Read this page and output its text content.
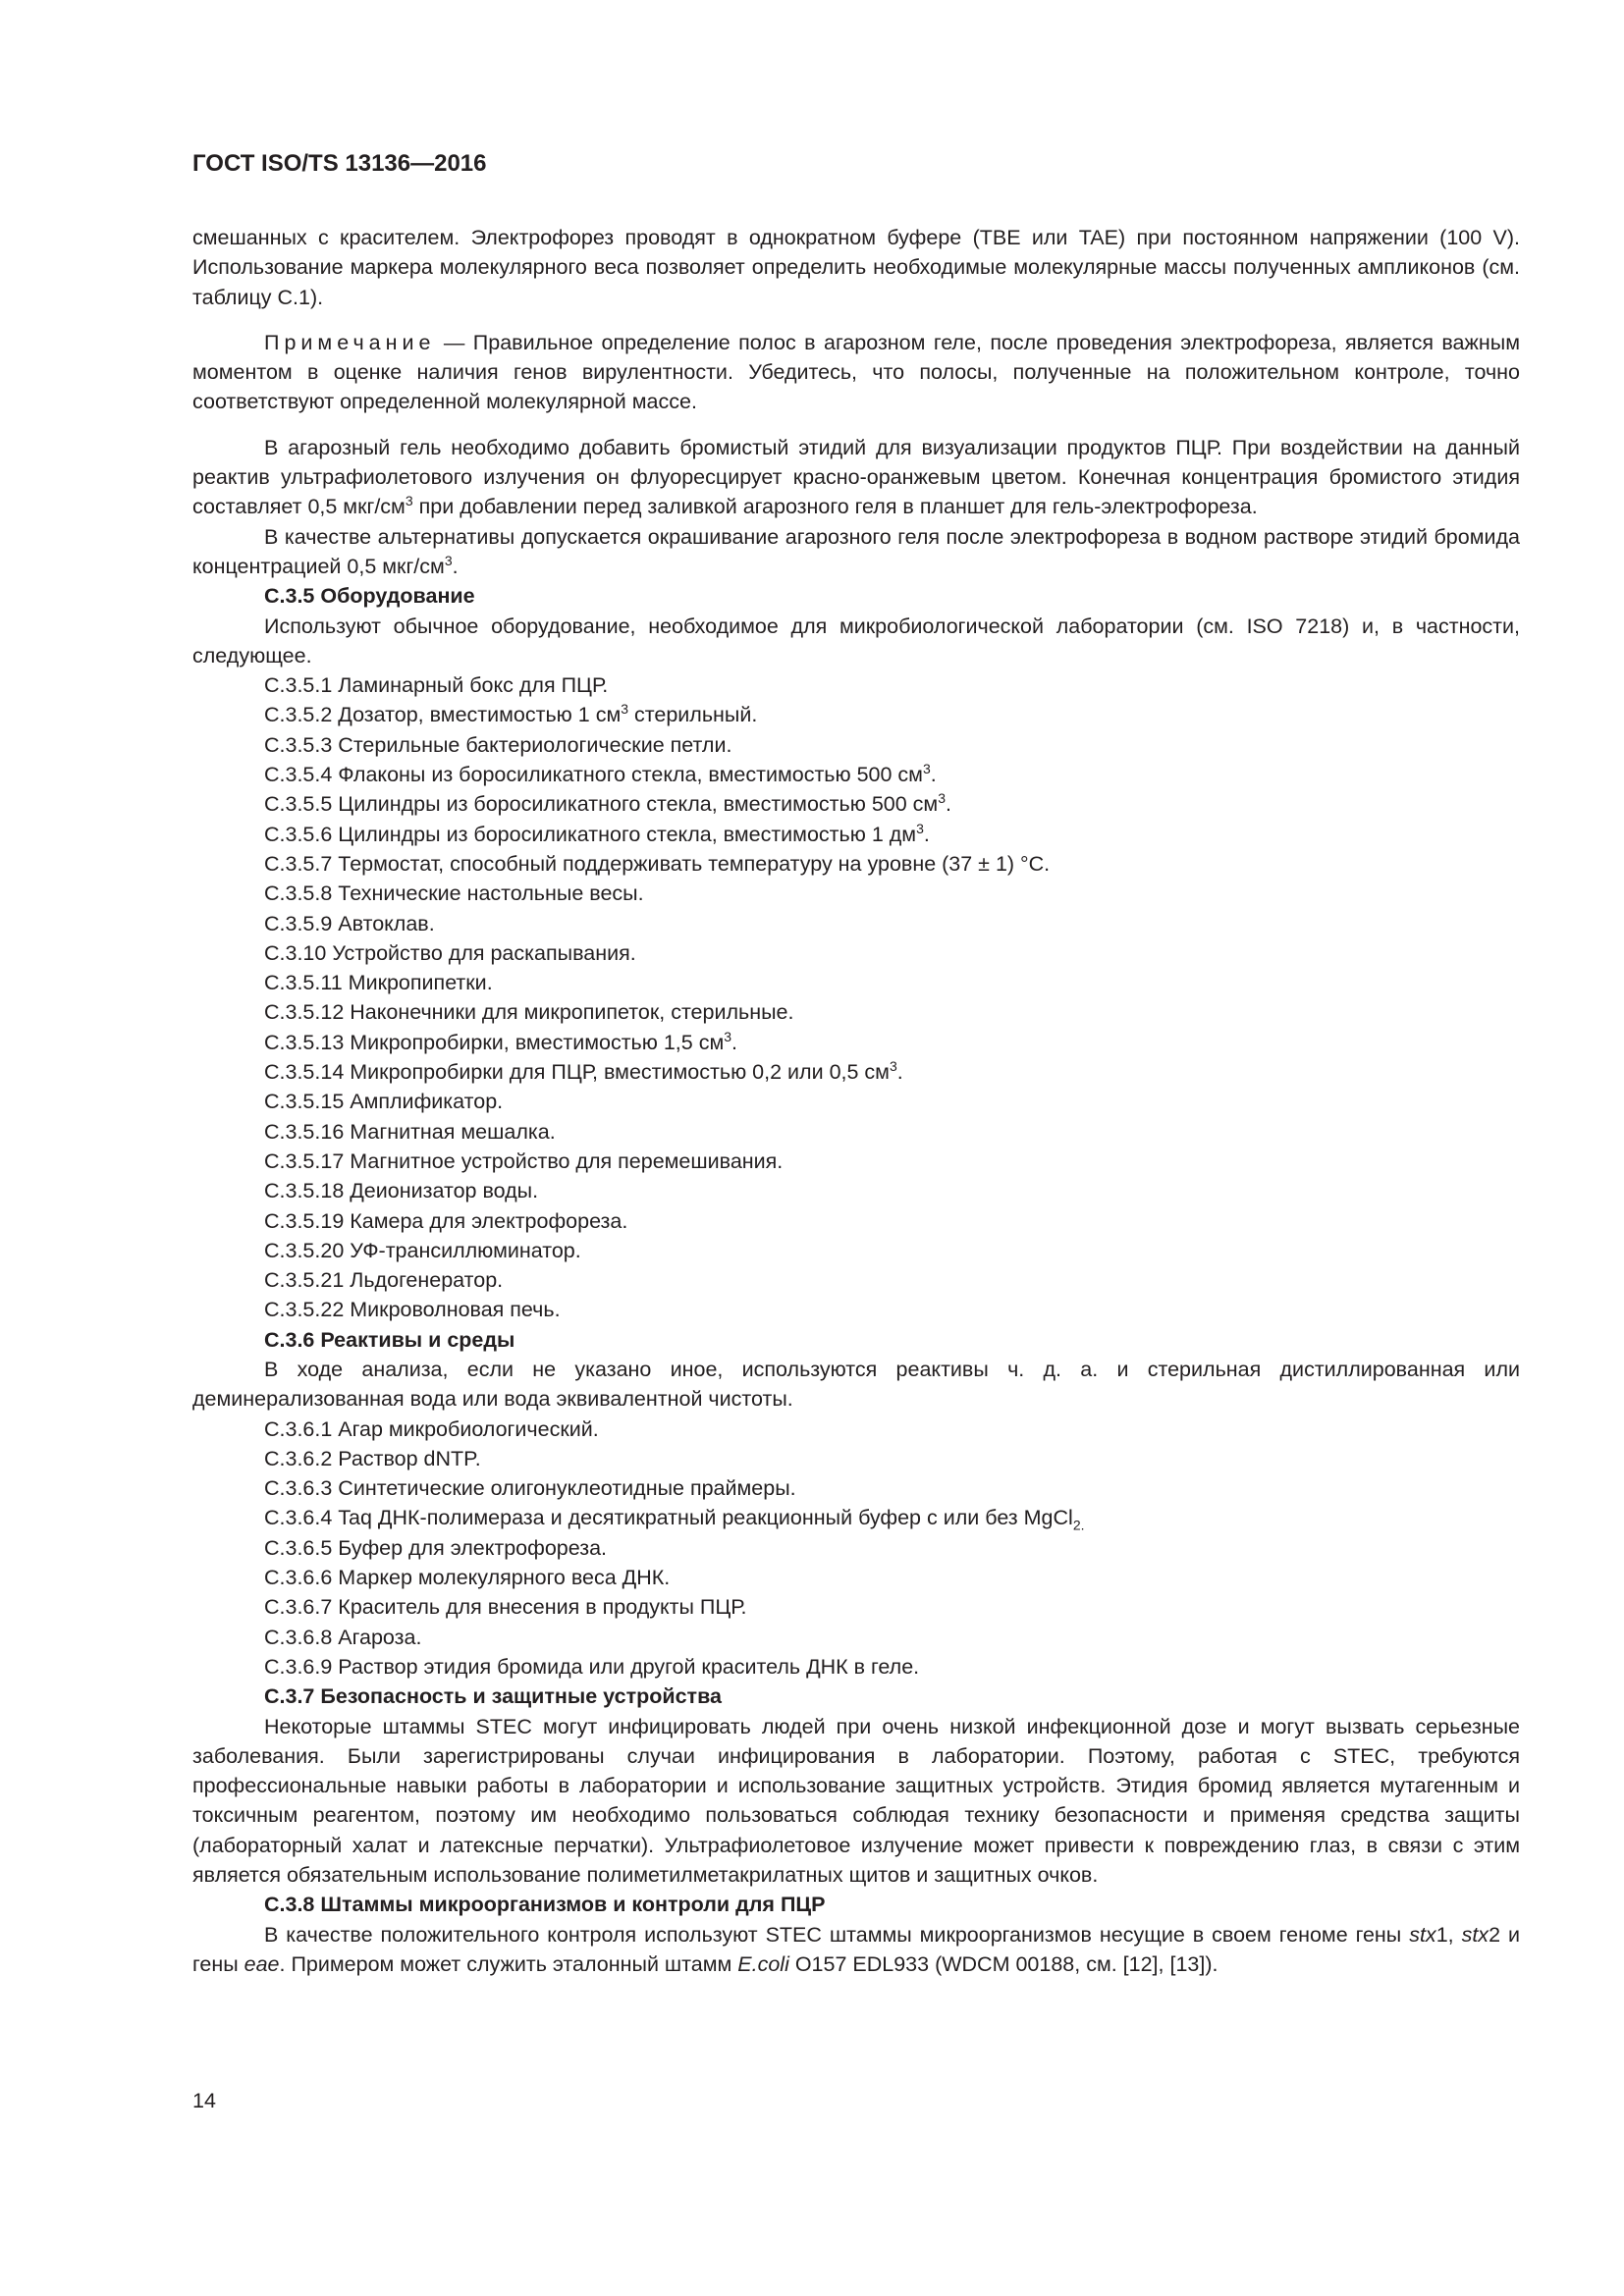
ГОСТ ISO/TS 13136—2016

смешанных с красителем. Электрофорез проводят в однократном буфере (TBE или TAE) при постоянном напряжении (100 V). Использование маркера молекулярного веса позволяет определить необходимые молекулярные массы полученных ампликонов (см. таблицу С.1).

Примечание — Правильное определение полос в агарозном геле, после проведения электрофореза, является важным моментом в оценке наличия генов вирулентности. Убедитесь, что полосы, полученные на положительном контроле, точно соответствуют определенной молекулярной массе.

В агарозный гель необходимо добавить бромистый этидий для визуализации продуктов ПЦР. При воздействии на данный реактив ультрафиолетового излучения он флуоресцирует красно-оранжевым цветом. Конечная концентрация бромистого этидия составляет 0,5 мкг/$см^3$ при добавлении перед заливкой агарозного геля в планшет для гель-электрофореза.

В качестве альтернативы допускается окрашивание агарозного геля после электрофореза в водном растворе этидий бромида концентрацией 0,5 мкг/$см^3$.

С.3.5 Оборудование

Используют обычное оборудование, необходимое для микробиологической лаборатории (см. ISO 7218) и, в частности, следующее.

С.3.5.1 Ламинарный бокс для ПЦР.
С.3.5.2 Дозатор, вместимостью 1 $см^3$ стерильный.
С.3.5.3 Стерильные бактериологические петли.
С.3.5.4 Флаконы из боросиликатного стекла, вместимостью 500 $см^3$.
С.3.5.5 Цилиндры из боросиликатного стекла, вместимостью 500 $см^3$.
С.3.5.6 Цилиндры из боросиликатного стекла, вместимостью 1 $дм^3$.
С.3.5.7 Термостат, способный поддерживать температуру на уровне (37 ± 1) °С.
С.3.5.8 Технические настольные весы.
С.3.5.9 Автоклав.
С.3.10 Устройство для раскапывания.
С.3.5.11 Микропипетки.
С.3.5.12 Наконечники для микропипеток, стерильные.
С.3.5.13 Микропробирки, вместимостью 1,5 $см^3$.
С.3.5.14 Микропробирки для ПЦР, вместимостью 0,2 или 0,5 $см^3$.
С.3.5.15 Амплификатор.
С.3.5.16 Магнитная мешалка.
С.3.5.17 Магнитное устройство для перемешивания.
С.3.5.18 Деионизатор воды.
С.3.5.19 Камера для электрофореза.
С.3.5.20 УФ-трансиллюминатор.
С.3.5.21 Льдогенератор.
С.3.5.22 Микроволновая печь.
С.3.6 Реактивы и среды

В ходе анализа, если не указано иное, используются реактивы ч. д. а. и стерильная дистиллированная или деминерализованная вода или вода эквивалентной чистоты.

С.3.6.1 Агар микробиологический.
С.3.6.2 Раствор dNTP.
С.3.6.3 Синтетические олигонуклеотидные праймеры.
С.3.6.4 Taq ДНК-полимераза и десятикратный реакционный буфер с или без MgCl$_{2.}$
С.3.6.5 Буфер для электрофореза.
С.3.6.6 Маркер молекулярного веса ДНК.
С.3.6.7 Краситель для внесения в продукты ПЦР.
С.3.6.8 Агароза.
С.3.6.9 Раствор этидия бромида или другой краситель ДНК в геле.
С.3.7 Безопасность и защитные устройства

Некоторые штаммы STEC могут инфицировать людей при очень низкой инфекционной дозе и могут вызвать серьезные заболевания. Были зарегистрированы случаи инфицирования в лаборатории. Поэтому, работая с STEC, требуются профессиональные навыки работы в лаборатории и использование защитных устройств. Этидия бромид является мутагенным и токсичным реагентом, поэтому им необходимо пользоваться соблюдая технику безопасности и применяя средства защиты (лабораторный халат и латексные перчатки). Ультрафиолетовое излучение может привести к повреждению глаз, в связи с этим является обязательным использование полиметилметакрилатных щитов и защитных очков.

С.3.8 Штаммы микроорганизмов и контроли для ПЦР

В качестве положительного контроля используют STEC штаммы микроорганизмов несущие в своем геноме гены stx1, stx2 и гены eae. Примером может служить эталонный штамм E.coli O157 EDL933 (WDCM 00188, см. [12], [13]).

14
